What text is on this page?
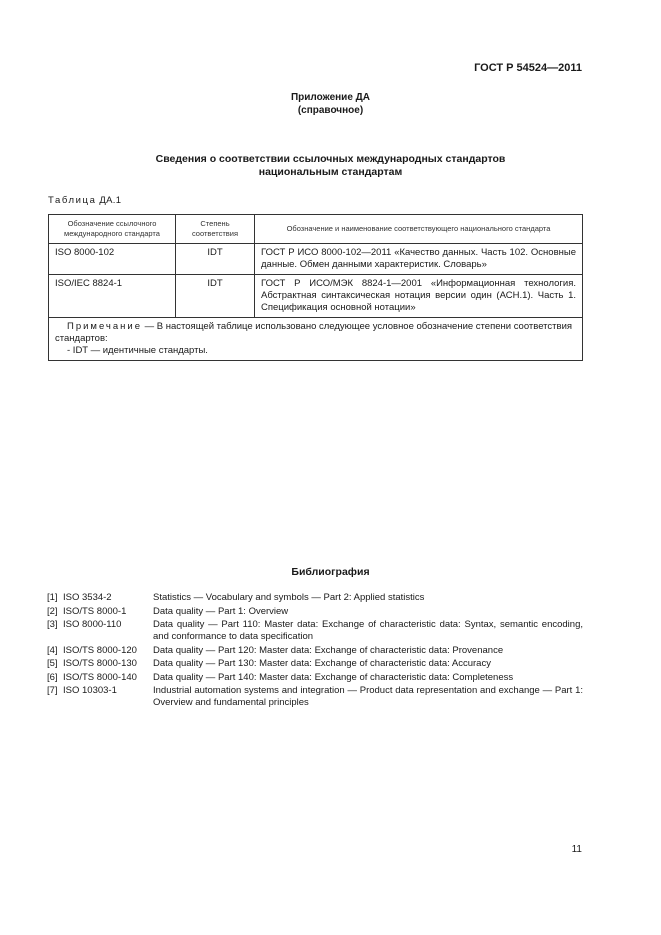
ГОСТ Р 54524—2011
Приложение ДА
(справочное)
Сведения о соответствии ссылочных международных стандартов
национальным стандартам
Таблица ДА.1
Обозначение ссылочного международного стандарта	Степень соответствия	Обозначение и наименование соответствующего национального стандарта
ISO 8000-102	IDT	ГОСТ Р ИСО 8000-102—2011 «Качество данных. Часть 102. Основные данные. Обмен данными характеристик. Словарь»
ISO/IEC 8824-1	IDT	ГОСТ Р ИСО/МЭК 8824-1—2001 «Информационная технология. Абстрактная синтаксическая нотация версии один (АСН.1). Часть 1. Спецификация основной нотации»
Примечание — В настоящей таблице использовано следующее условное обозначение степени соответствия стандартов:
- IDT — идентичные стандарты.		
Библиография
[1] ISO 3534-2	Statistics — Vocabulary and symbols — Part 2: Applied statistics
[2] ISO/TS 8000-1	Data quality — Part 1: Overview
[3] ISO 8000-110	Data quality — Part 110: Master data: Exchange of characteristic data: Syntax, semantic encoding, and conformance to data specification
[4] ISO/TS 8000-120	Data quality — Part 120: Master data: Exchange of characteristic data: Provenance
[5] ISO/TS 8000-130	Data quality — Part 130: Master data: Exchange of characteristic data: Accuracy
[6] ISO/TS 8000-140	Data quality — Part 140: Master data: Exchange of characteristic data: Completeness
[7] ISO 10303-1	Industrial automation systems and integration — Product data representation and exchange — Part 1: Overview and fundamental principles
11
